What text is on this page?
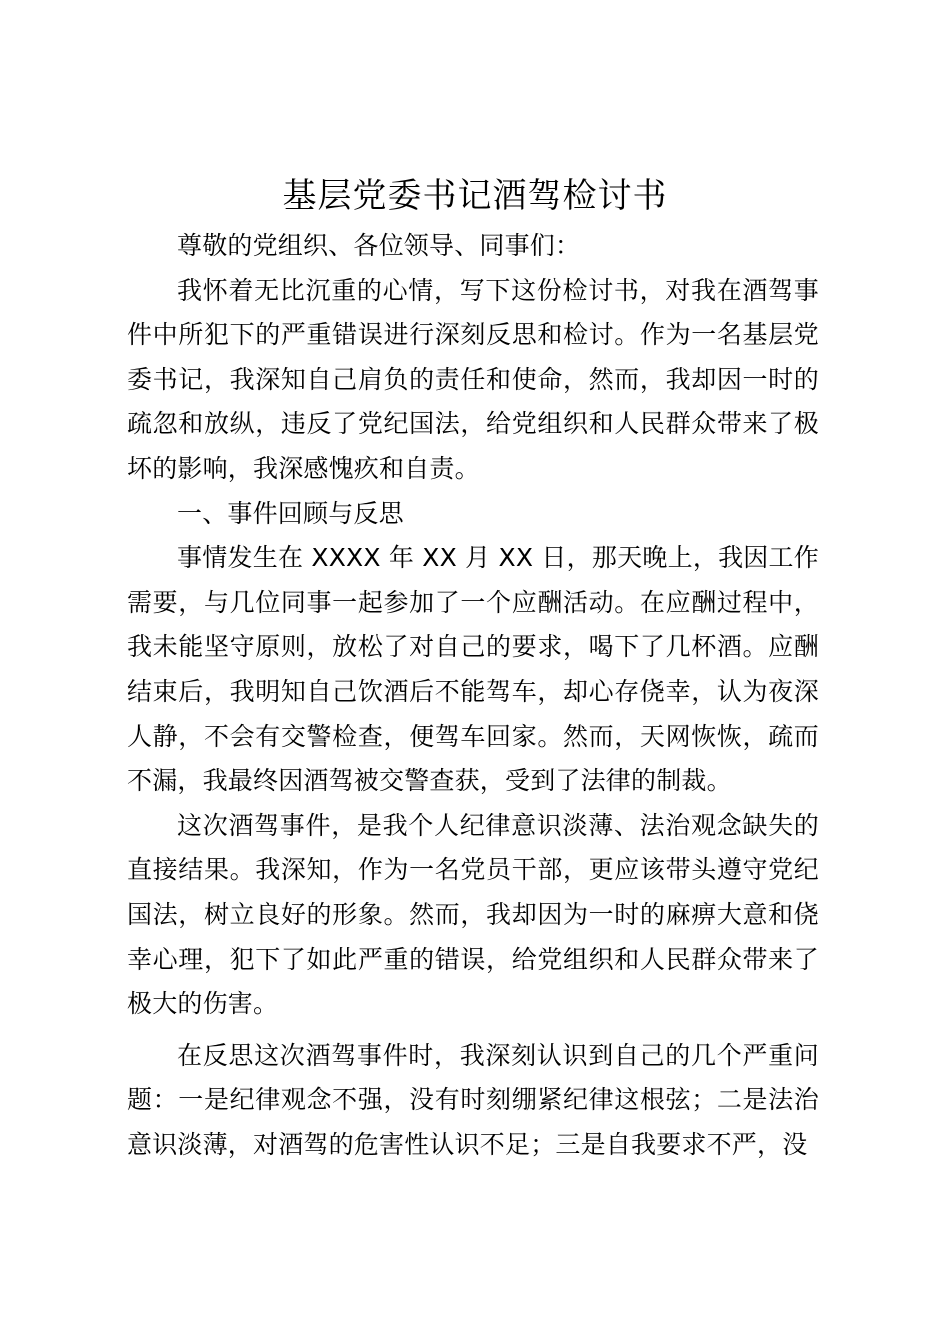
基层党委书记酒驾检讨书

尊敬的党组织、各位领导、同事们：

我怀着无比沉重的心情，写下这份检讨书，对我在酒驾事件中所犯下的严重错误进行深刻反思和检讨。作为一名基层党委书记，我深知自己肩负的责任和使命，然而，我却因一时的疏忽和放纵，违反了党纪国法，给党组织和人民群众带来了极坏的影响，我深感愧疚和自责。

一、事件回顾与反思

事情发生在 XXXX 年 XX 月 XX 日，那天晚上，我因工作需要，与几位同事一起参加了一个应酬活动。在应酬过程中，我未能坚守原则，放松了对自己的要求，喝下了几杯酒。应酬结束后，我明知自己饮酒后不能驾车，却心存侥幸，认为夜深人静，不会有交警检查，便驾车回家。然而，天网恢恢，疏而不漏，我最终因酒驾被交警查获，受到了法律的制裁。

这次酒驾事件，是我个人纪律意识淡薄、法治观念缺失的直接结果。我深知，作为一名党员干部，更应该带头遵守党纪国法，树立良好的形象。然而，我却因为一时的麻痹大意和侥幸心理，犯下了如此严重的错误，给党组织和人民群众带来了极大的伤害。

在反思这次酒驾事件时，我深刻认识到自己的几个严重问题：一是纪律观念不强，没有时刻绷紧纪律这根弦；二是法治意识淡薄，对酒驾的危害性认识不足；三是自我要求不严，没
